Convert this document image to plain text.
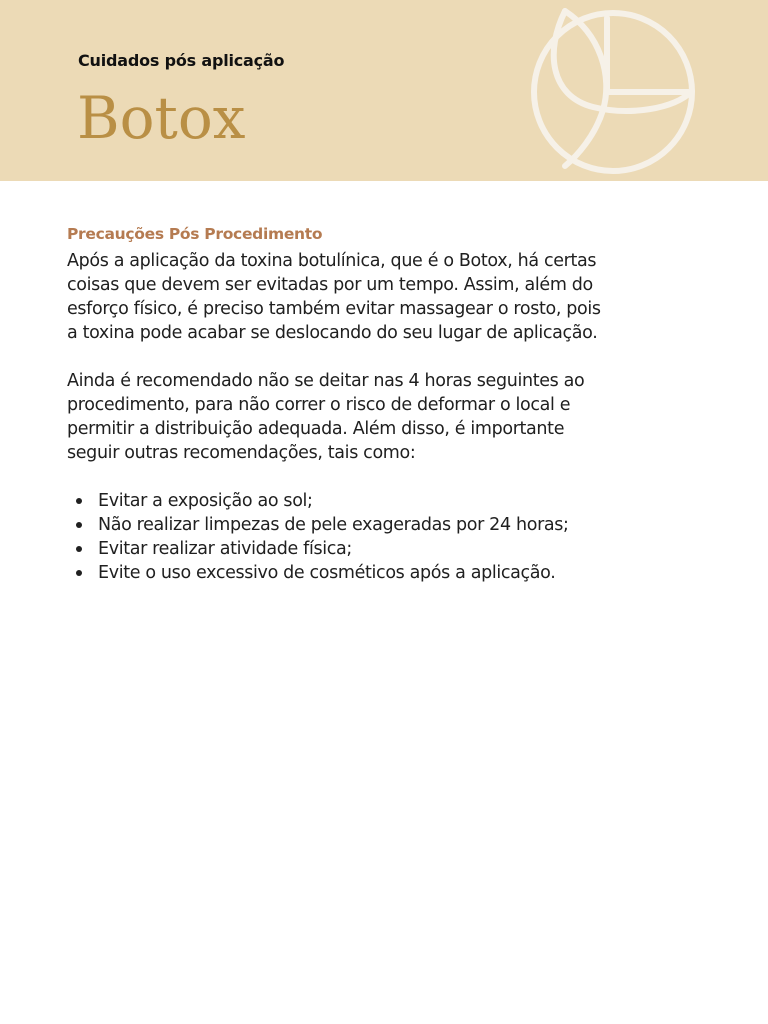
Cuidados pós aplicação

Botox
Precauções Pós Procedimento

Após a aplicação da toxina botulínica, que é o Botox, há certas

coisas que devem ser evitadas por um tempo. Assim, além do

esforço físico, é preciso também evitar massagear o rosto, pois

a toxina pode acabar se deslocando do seu lugar de aplicação.

Ainda é recomendado não se deitar nas 4 horas seguintes ao

procedimento, para não correr o risco de deformar o local e

permitir a distribuição adequada. Além disso, é importante

seguir outras recomendações, tais como:

Evitar a exposição ao sol;
Não realizar limpezas de pele exageradas por 24 horas;
Evitar realizar atividade física;
Evite o uso excessivo de cosméticos após a aplicação.
